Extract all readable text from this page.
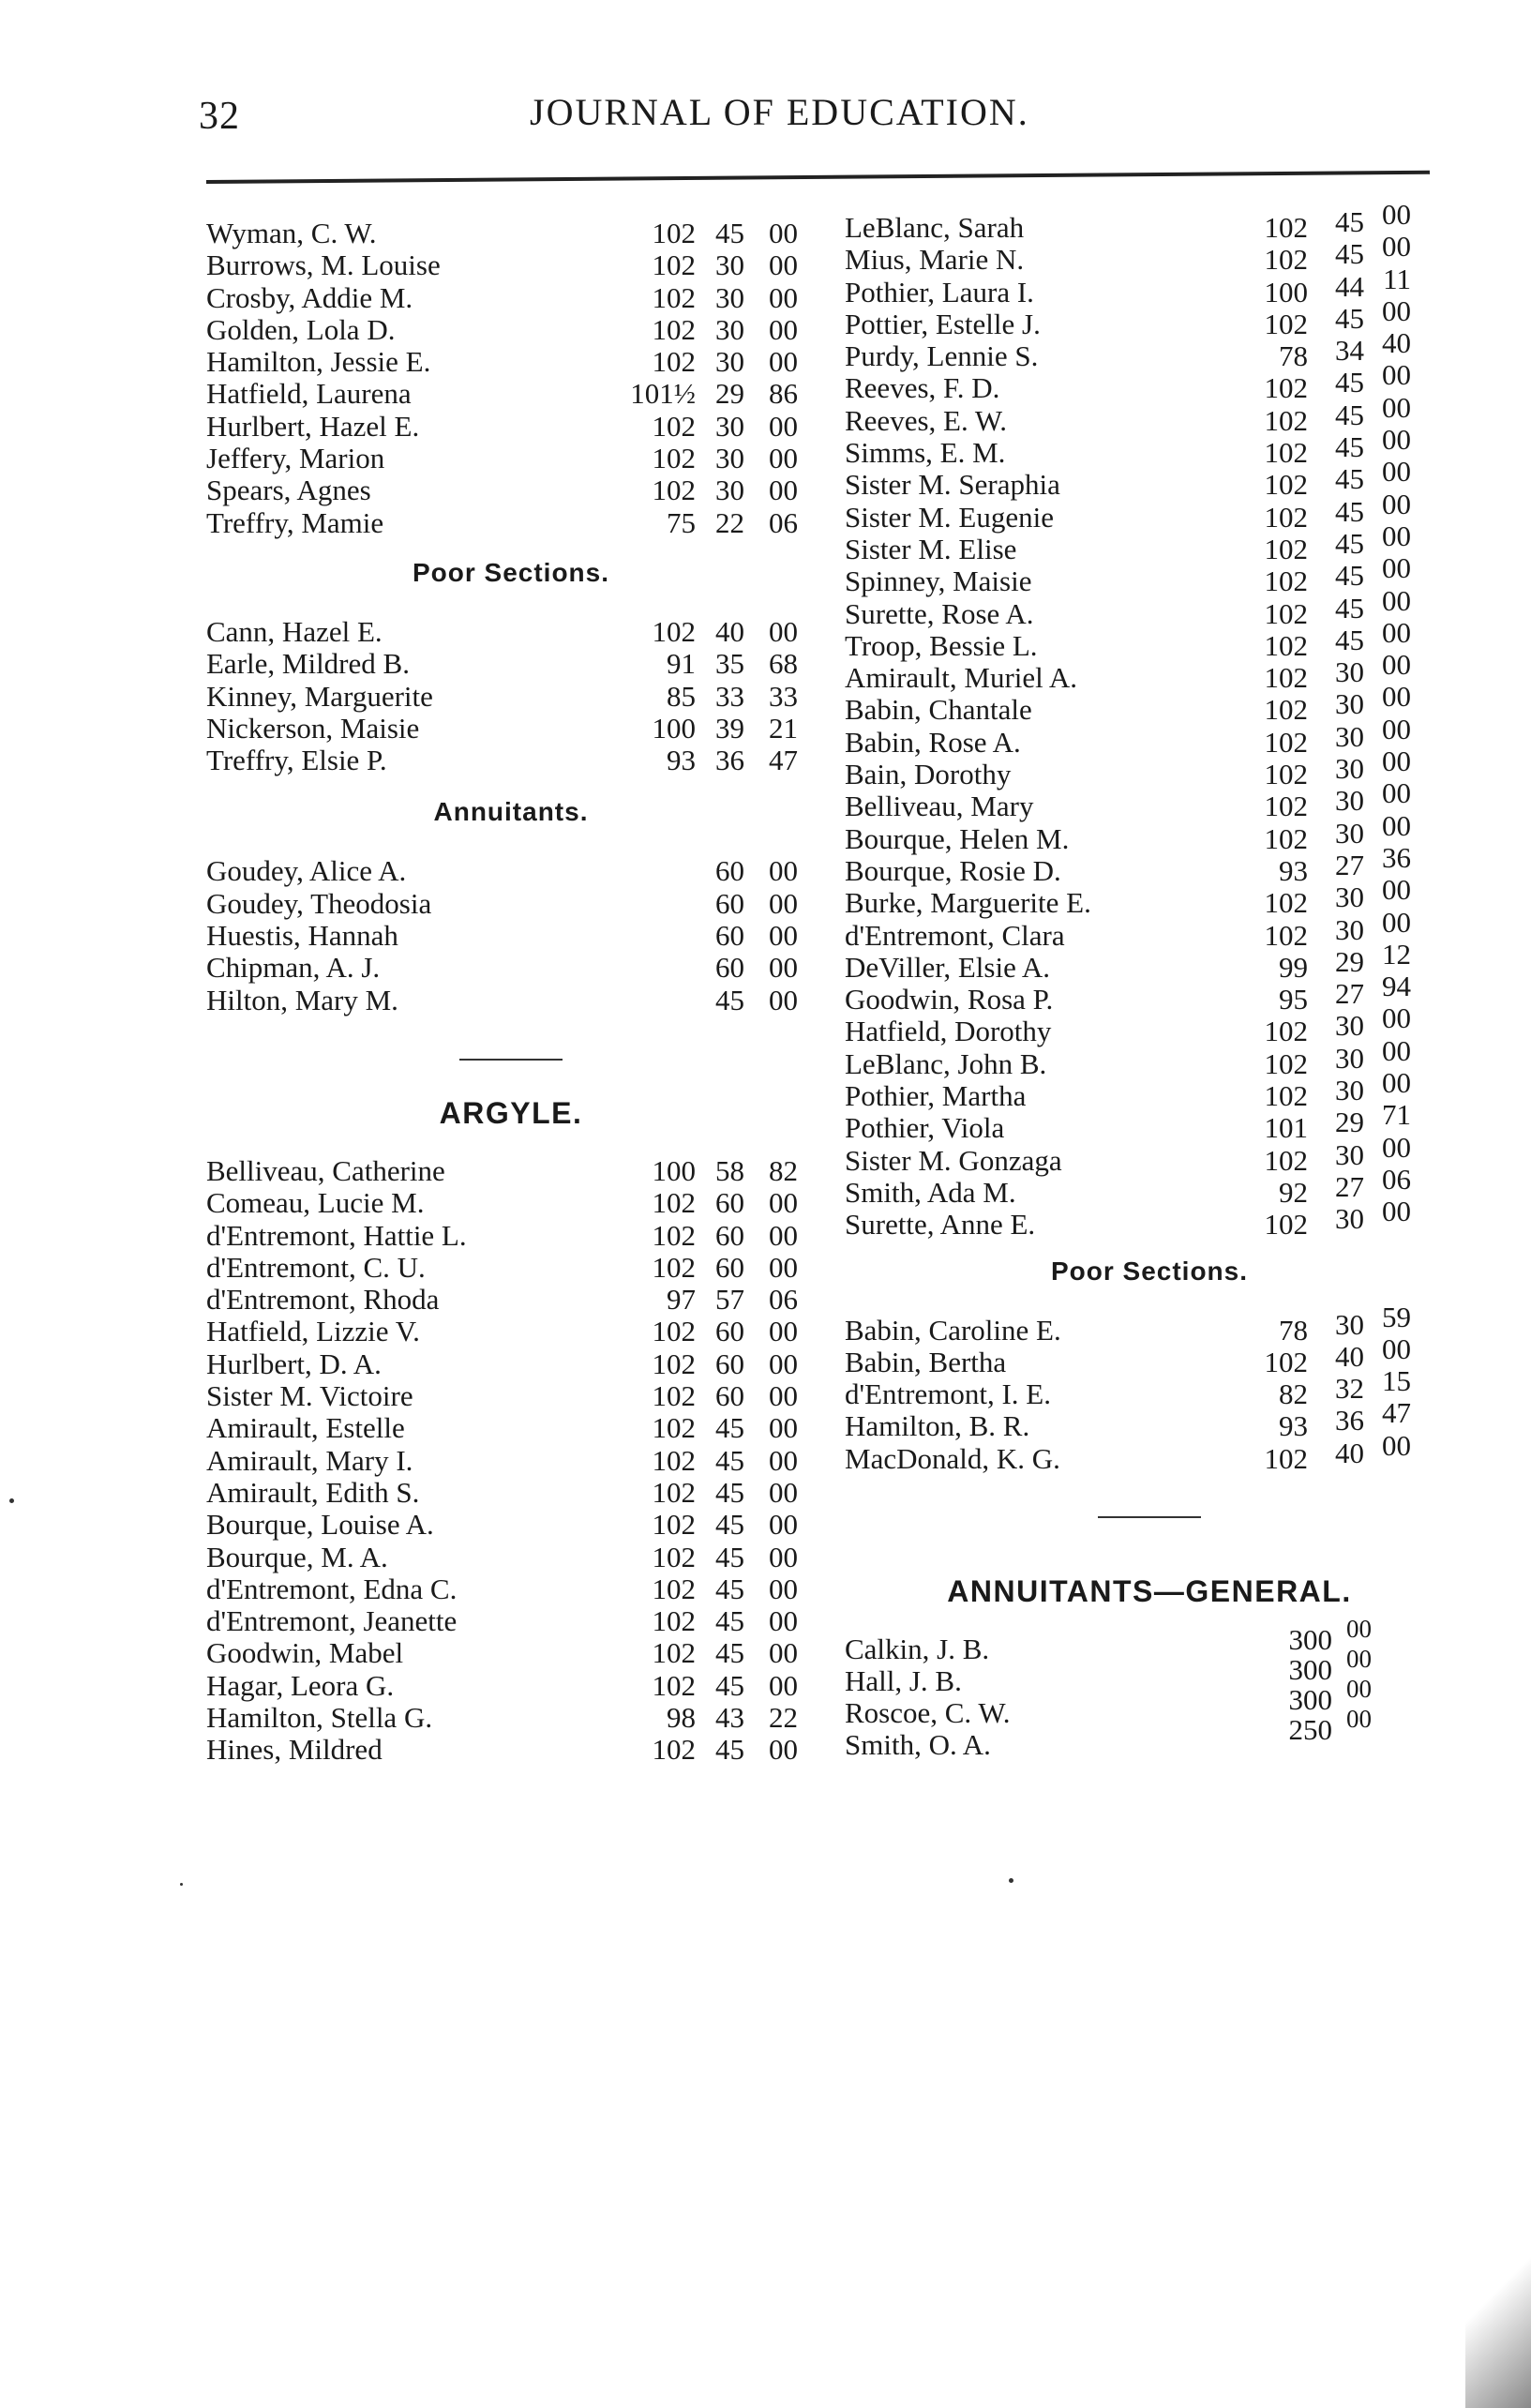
32	JOURNAL OF EDUCATION.
Wyman, C. W.	102 45 00
Burrows, M. Louise	102 30 00
Crosby, Addie M.	102 30 00
Golden, Lola D.	102 30 00
Hamilton, Jessie E.	102 30 00
Hatfield, Laurena	101½ 29 86
Hurlbert, Hazel E.	102 30 00
Jeffery, Marion	102 30 00
Spears, Agnes	102 30 00
Treffry, Mamie	75 22 06
Poor Sections.
Cann, Hazel E.	102 40 00
Earle, Mildred B.	91 35 68
Kinney, Marguerite	85 33 33
Nickerson, Maisie	100 39 21
Treffry, Elsie P.	93 36 47
Annuitants.
Goudey, Alice A.	60 00
Goudey, Theodosia	60 00
Huestis, Hannah	60 00
Chipman, A. J.	60 00
Hilton, Mary M.	45 00
ARGYLE.
Belliveau, Catherine	100 58 82
Comeau, Lucie M.	102 60 00
d'Entremont, Hattie L.	102 60 00
d'Entremont, C. U.	102 60 00
d'Entremont, Rhoda	97 57 06
Hatfield, Lizzie V.	102 60 00
Hurlbert, D. A.	102 60 00
Sister M. Victoire	102 60 00
Amirault, Estelle	102 45 00
Amirault, Mary I.	102 45 00
Amirault, Edith S.	102 45 00
Bourque, Louise A.	102 45 00
Bourque, M. A.	102 45 00
d'Entremont, Edna C.	102 45 00
d'Entremont, Jeanette	102 45 00
Goodwin, Mabel	102 45 00
Hagar, Leora G.	102 45 00
Hamilton, Stella G.	98 43 22
Hines, Mildred	102 45 00
LeBlanc, Sarah	102 45 00
Mius, Marie N.	102 45 00
Pothier, Laura I.	100 44 11
Pottier, Estelle J.	102 45 00
Purdy, Lennie S.	78 34 40
Reeves, F. D.	102 45 00
Reeves, E. W.	102 45 00
Simms, E. M.	102 45 00
Sister M. Seraphia	102 45 00
Sister M. Eugenie	102 45 00
Sister M. Elise	102 45 00
Spinney, Maisie	102 45 00
Surette, Rose A.	102 45 00
Troop, Bessie L.	102 45 00
Amirault, Muriel A.	102 30 00
Babin, Chantale	102 30 00
Babin, Rose A.	102 30 00
Bain, Dorothy	102 30 00
Belliveau, Mary	102 30 00
Bourque, Helen M.	102 30 00
Bourque, Rosie D.	93 27 36
Burke, Marguerite E.	102 30 00
d'Entremont, Clara	102 30 00
DeViller, Elsie A.	99 29 12
Goodwin, Rosa P.	95 27 94
Hatfield, Dorothy	102 30 00
LeBlanc, John B.	102 30 00
Pothier, Martha	102 30 00
Pothier, Viola	101 29 71
Sister M. Gonzaga	102 30 00
Smith, Ada M.	92 27 06
Surette, Anne E.	102 30 00
Poor Sections.
Babin, Caroline E.	78 30 59
Babin, Bertha	102 40 00
d'Entremont, I. E.	82 32 15
Hamilton, B. R.	93 36 47
MacDonald, K. G.	102 40 00
ANNUITANTS—GENERAL.
Calkin, J. B.	300 00
Hall, J. B.	300 00
Roscoe, C. W.	300 00
Smith, O. A.	250 00
